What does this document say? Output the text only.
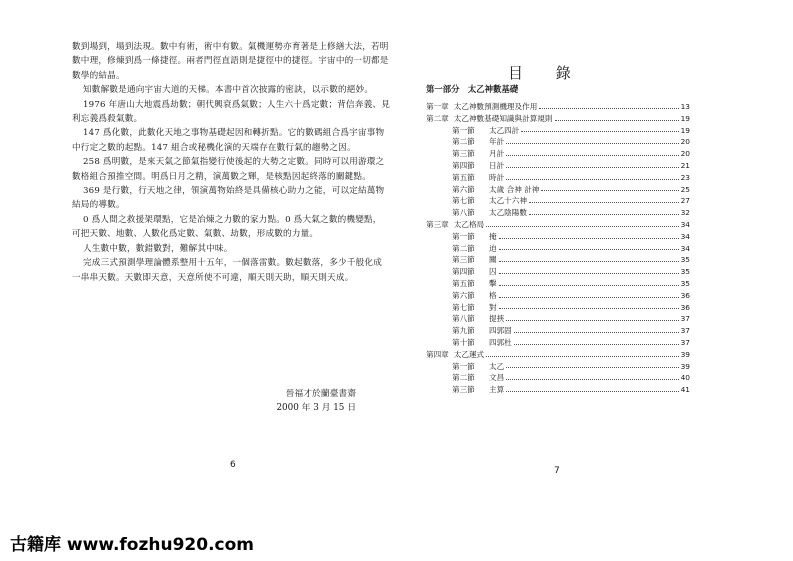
數到場到，場到法現。數中有術，術中有數。氣機運勢亦育著是上修繕大法，若明數中理，修煉到爲一條捷徑。兩者門徑直語則是捷徑中的捷徑。宇宙中的一切都是數學的結晶。

知數解數是通向宇宙大道的天梯。本書中首次披露的密訣，以示數的絕妙。

1976 年唐山大地震爲劫數；朝代興衰爲氣數；人生六十爲定數；背信奔義、見利忘義爲殺氣數。

147 爲化數，此數化天地之事物基礎起因和轉折點。它的數碼組合爲宇宙事物中行定之數的起點。147 組合或秘機化演的天端存在數行氣的趨勢之因。

258 爲明數，是來天氣之節氣指變行使後起的大勢之定數。同時可以用游環之數格組合預推空間。明爲日月之精，演萬數之輝，是核點因起終落的關鍵點。

369 是行數，行天地之律，領演萬物始終是具備核心助力之能，可以定結萬物結局的導數。

0 爲人間之救援架環點，它是冶煉之力數的家力點。0 爲大氣之數的機變點，可把天數、地數、人數化爲定數、氣數、劫數，形成數的力量。

人生數中數，數錯數對，難解其中味。

完成三式預測學理論體系整用十五年，一個落雷數。數起數落，多少千般化成一串串天數。天數即天意，天意所使不可違，順天則天助，順天則天成。

晉福才於蘭臺書齋
2000 年 3 月 15 日
6
目 錄
第一部分　太乙神數基礎
第一章 太乙神數預測機理及作用	13
第二章 太乙神數基礎知識與計算規則	19
第一節	太乙四計	19
第二節	年計	20
第三節	月計	20
第四節	日計	21
第五節	時計	23
第六節	太歲 合神 計神	25
第七節	太乙十六神	27
第八節	太乙陰陽數	32
第三章 太乙格局	34
第一節	掩	34
第二節	迫	34
第三節	關	35
第四節	囚	35
第五節	擊	35
第六節	格	36
第七節	對	36
第八節	提挾	37
第九節	四郭固	37
第十節	四郭杜	37
第四章 太乙運式	39
第一節	太乙	39
第二節	文昌	40
第三節	主算	41
7
古籍库 www.fozhu920.com
